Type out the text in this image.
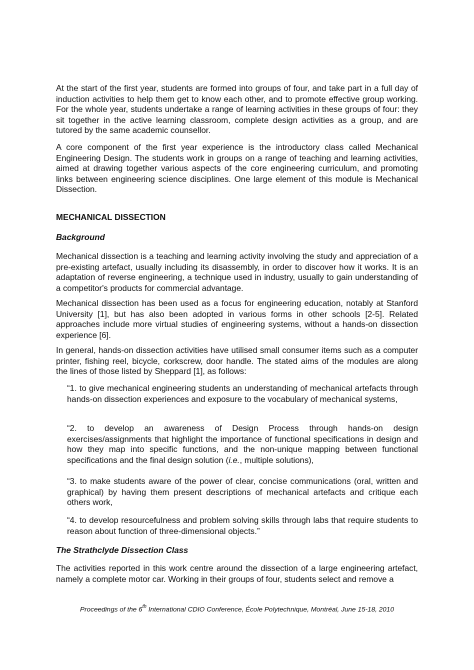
At the start of the first year, students are formed into groups of four, and take part in a full day of induction activities to help them get to know each other, and to promote effective group working. For the whole year, students undertake a range of learning activities in these groups of four: they sit together in the active learning classroom, complete design activities as a group, and are tutored by the same academic counsellor.

A core component of the first year experience is the introductory class called Mechanical Engineering Design. The students work in groups on a range of teaching and learning activities, aimed at drawing together various aspects of the core engineering curriculum, and promoting links between engineering science disciplines. One large element of this module is Mechanical Dissection.

MECHANICAL DISSECTION

Background

Mechanical dissection is a teaching and learning activity involving the study and appreciation of a pre-existing artefact, usually including its disassembly, in order to discover how it works. It is an adaptation of reverse engineering, a technique used in industry, usually to gain understanding of a competitor's products for commercial advantage.

Mechanical dissection has been used as a focus for engineering education, notably at Stanford University [1], but has also been adopted in various forms in other schools [2-5]. Related approaches include more virtual studies of engineering systems, without a hands-on dissection experience [6].

In general, hands-on dissection activities have utilised small consumer items such as a computer printer, fishing reel, bicycle, corkscrew, door handle. The stated aims of the modules are along the lines of those listed by Sheppard [1], as follows:

“1. to give mechanical engineering students an understanding of mechanical artefacts through hands-on dissection experiences and exposure to the vocabulary of mechanical systems,

“2. to develop an awareness of Design Process through hands-on design exercises/assignments that highlight the importance of functional specifications in design and how they map into specific functions, and the non-unique mapping between functional specifications and the final design solution (i.e., multiple solutions),

“3. to make students aware of the power of clear, concise communications (oral, written and graphical) by having them present descriptions of mechanical artefacts and critique each others work,

“4. to develop resourcefulness and problem solving skills through labs that require students to reason about function of three-dimensional objects.”

The Strathclyde Dissection Class

The activities reported in this work centre around the dissection of a large engineering artefact, namely a complete motor car. Working in their groups of four, students select and remove a

Proceedings of the 6th International CDIO Conference, École Polytechnique, Montréal, June 15-18, 2010
